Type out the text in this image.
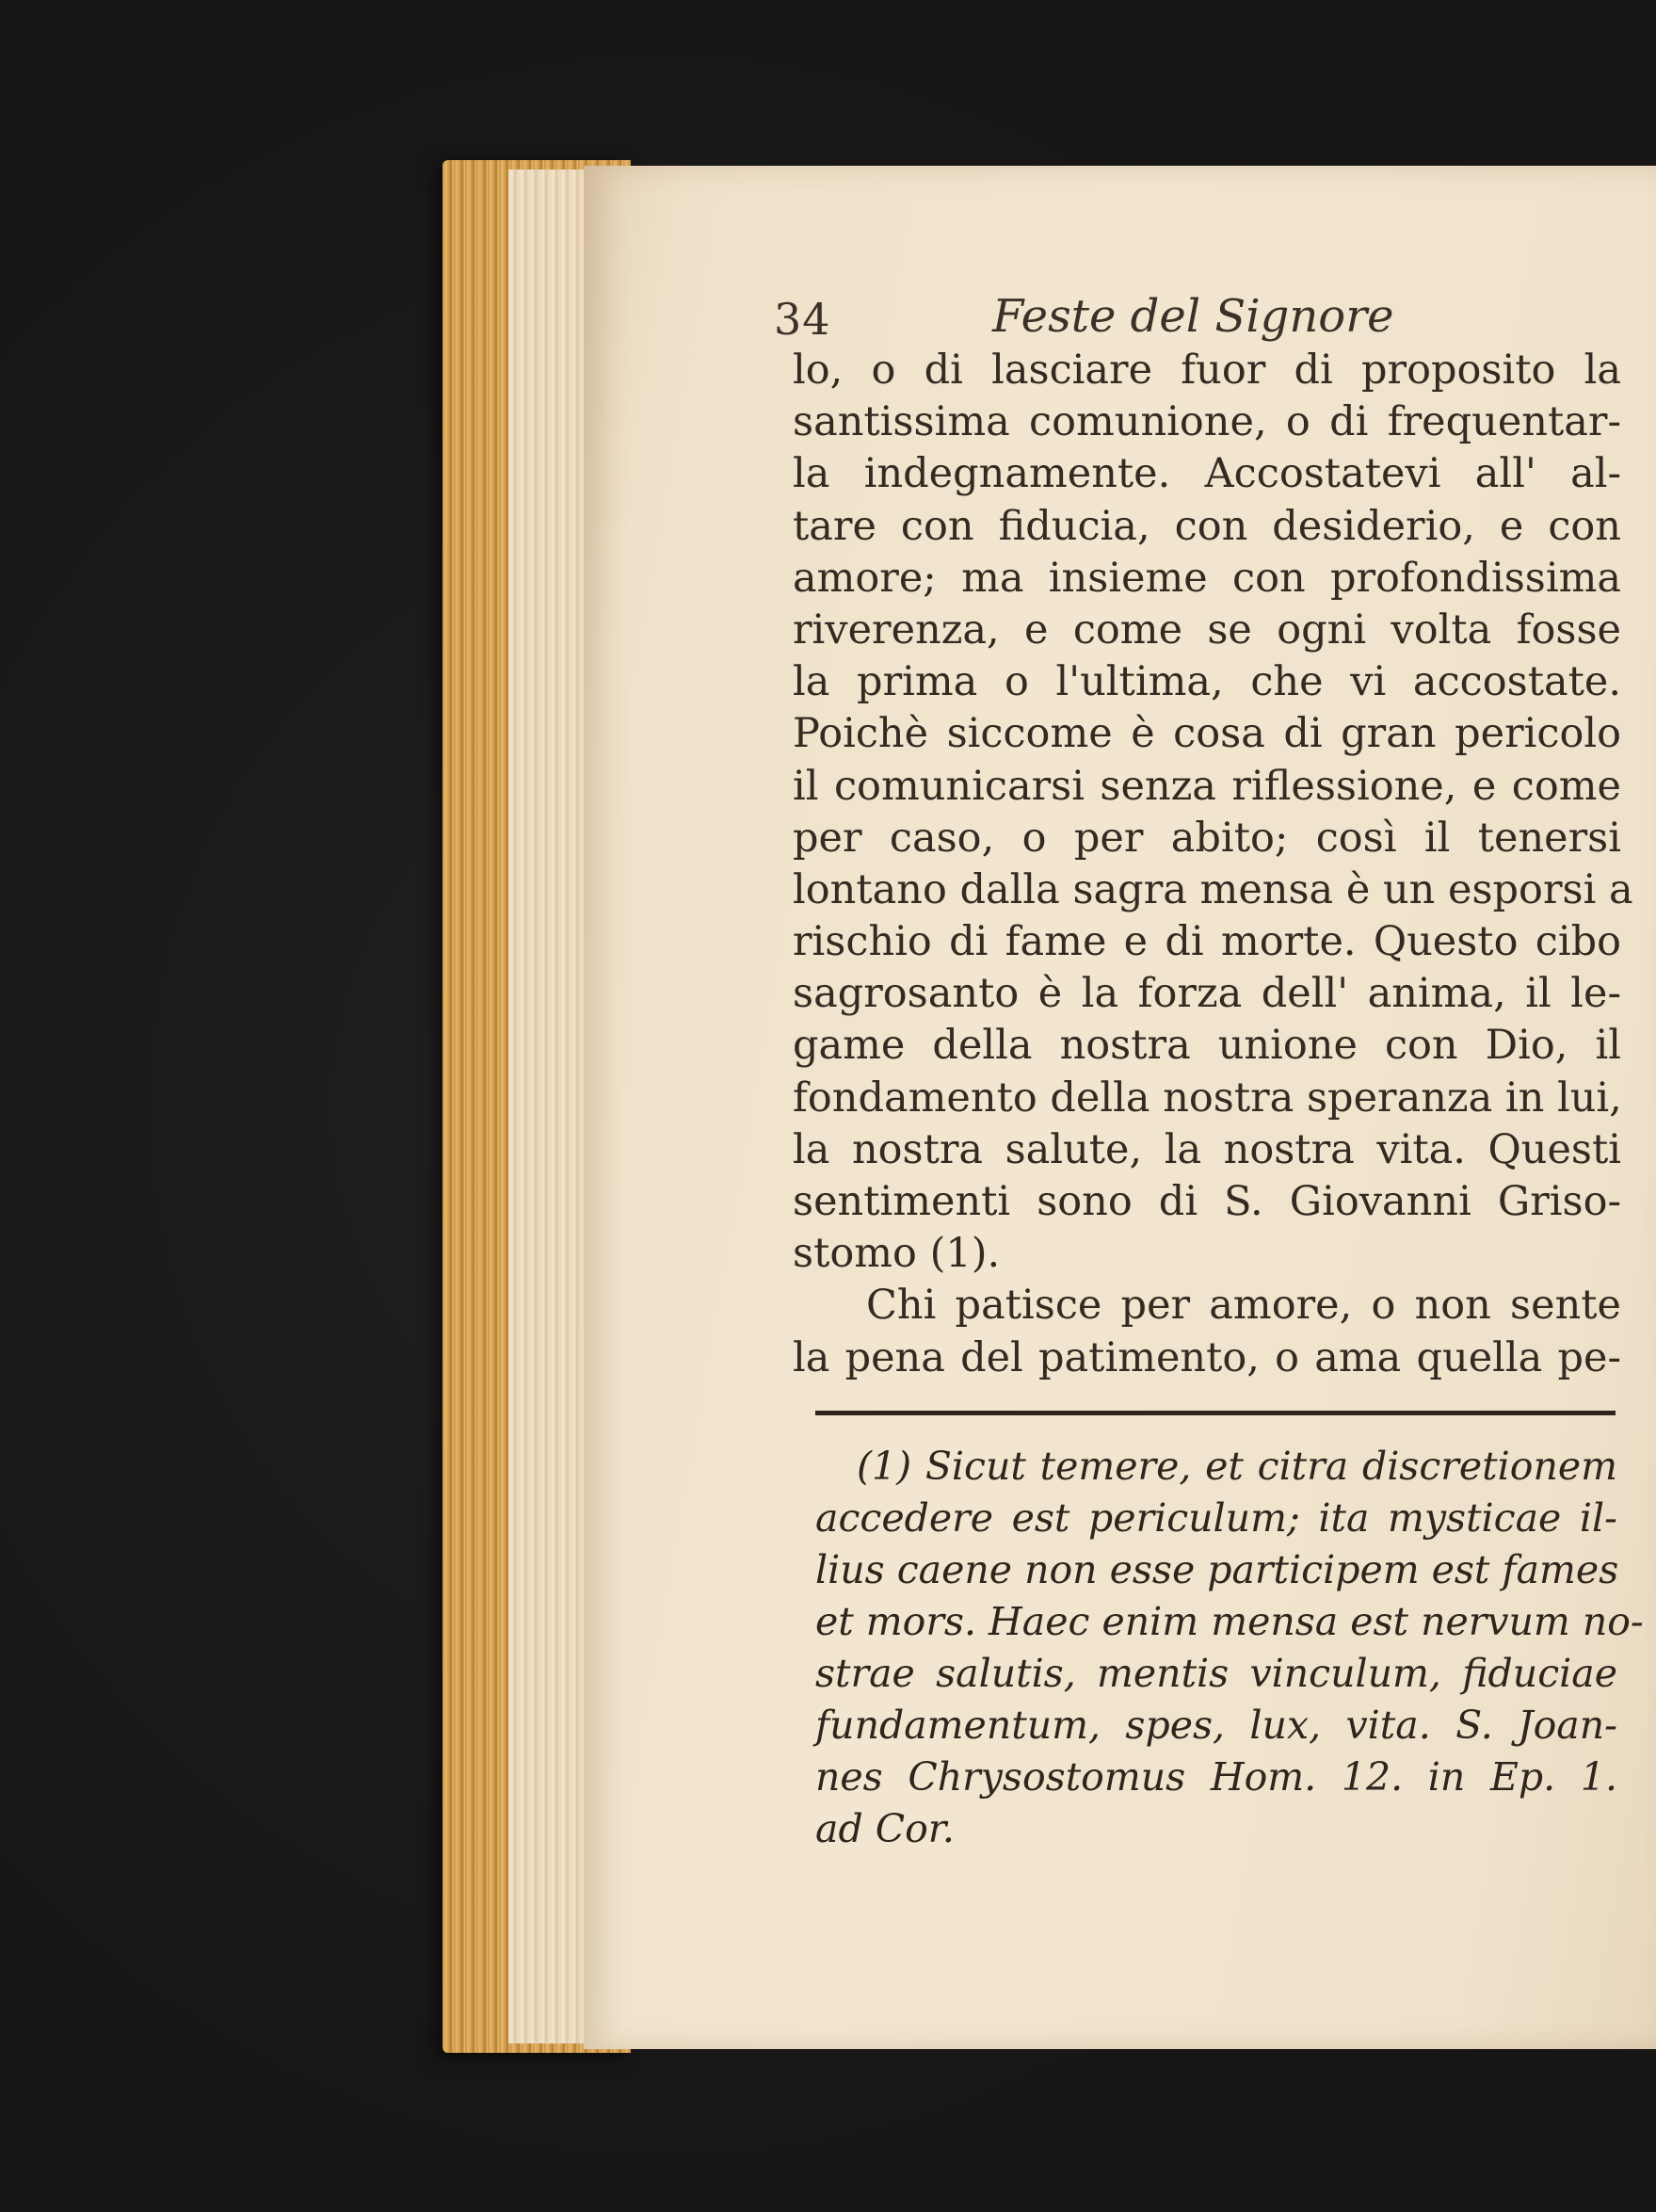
34	Feste del Signore
lo, o di lasciare fuor di proposito la
santissima comunione, o di frequentar-
la indegnamente. Accostatevi all' al-
tare con fiducia, con desiderio, e con
amore; ma insieme con profondissima
riverenza, e come se ogni volta fosse
la prima o l'ultima, che vi accostate.
Poichè siccome è cosa di gran pericolo
il comunicarsi senza riflessione, e come
per caso, o per abito; così il tenersi
lontano dalla sagra mensa è un esporsi a
rischio di fame e di morte. Questo cibo
sagrosanto è la forza dell' anima, il le-
game della nostra unione con Dio, il
fondamento della nostra speranza in lui,
la nostra salute, la nostra vita. Questi
sentimenti sono di S. Giovanni Griso-
stomo (1).
Chi patisce per amore, o non sente
la pena del patimento, o ama quella pe-
(1) Sicut temere, et citra discretionem
accedere est periculum; ita mysticae il-
lius caene non esse participem est fames
et mors. Haec enim mensa est nervum no-
strae salutis, mentis vinculum, fiduciae
fundamentum, spes, lux, vita. S. Joan-
nes Chrysostomus Hom. 12. in Ep. 1.
ad Cor.
